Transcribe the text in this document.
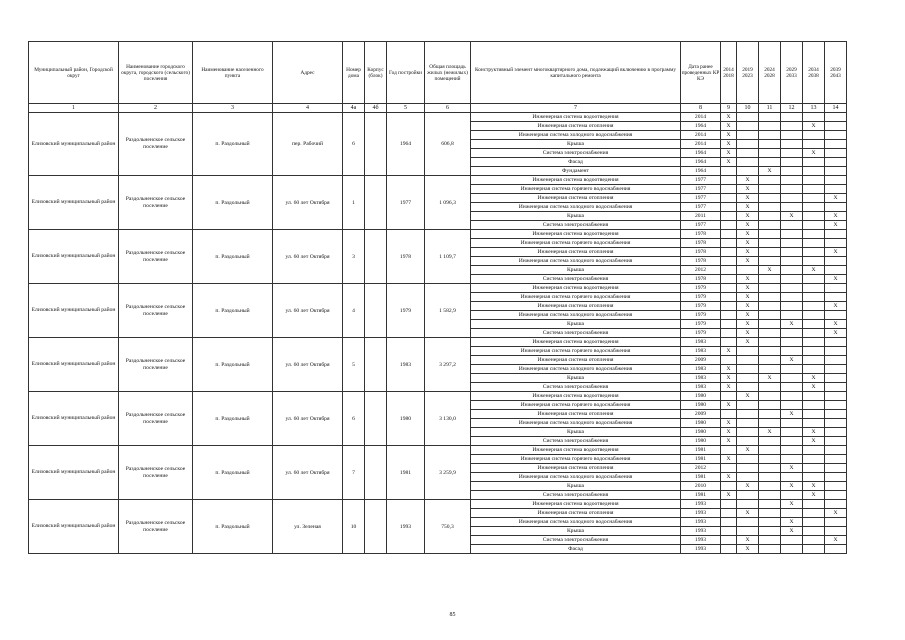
Муниципальный район, Городской округ	Наименование городского округа, городского (сельского) поселения	Наименование населенного пункта	Адрес	Номер дома	Корпус (блок)	Год постройки	Общая площадь жилых (нежилых) помещений	Конструктивный элемент многоквартирного дома, подлежащий включению в программу капитального ремонта	Дата ранее проведенных КР КЭ	2014 2018	2019 2023	2024 2028	2029 2033	2034 2038	2039 2043
1	2	3	4	4а	4б	5	6	7	8	9	10	11	12	13	14
Елизовский муниципальный район	Раздольненское сельское поселение	п. Раздольный	пер. Рабочий	6		1964	606,8	Инженерная система водоотведения	2014	X					
								Инженерная система отопления	1964	X				X	
								Инженерная система холодного водоснабжения	2014	X					
								Крыша	2014	X					
								Система электроснабжения	1964	X				X	
								Фасад	1964	X					
								Фундамент	1964			X			
Елизовский муниципальный район	Раздольненское сельское поселение	п. Раздольный	ул. 60 лет Октября	1		1977	1 096,3	Инженерная система водоотведения	1977		X				
								Инженерная система горячего водоснабжения	1977		X				
								Инженерная система отопления	1977		X				X
								Инженерная система холодного водоснабжения	1977		X				
								Крыша	2011		X		X		X
								Система электроснабжения	1977		X				X
Елизовский муниципальный район	Раздольненское сельское поселение	п. Раздольный	ул. 60 лет Октября	3		1978	1 109,7	Инженерная система водоотведения	1978		X				
								Инженерная система горячего водоснабжения	1978		X				
								Инженерная система отопления	1978		X				X
								Инженерная система холодного водоснабжения	1978		X				
								Крыша	2012			X		X	
								Система электроснабжения	1978		X				X
Елизовский муниципальный район	Раздольненское сельское поселение	п. Раздольный	ул. 60 лет Октября	4		1979	1 582,9	Инженерная система водоотведения	1979		X				
								Инженерная система горячего водоснабжения	1979		X				
								Инженерная система отопления	1979		X				X
								Инженерная система холодного водоснабжения	1979		X				
								Крыша	1979		X		X		X
								Система электроснабжения	1979		X				X
Елизовский муниципальный район	Раздольненское сельское поселение	п. Раздольный	ул. 60 лет Октября	5		1983	3 297,2	Инженерная система водоотведения	1983		X				
								Инженерная система горячего водоснабжения	1983	X					
								Инженерная система отопления	2009				X		
								Инженерная система холодного водоснабжения	1983	X					
								Крыша	1983	X		X		X	
								Система электроснабжения	1983	X				X	
Елизовский муниципальный район	Раздольненское сельское поселение	п. Раздольный	ул. 60 лет Октября	6		1980	3 130,0	Инженерная система водоотведения	1980		X				
								Инженерная система горячего водоснабжения	1980	X					
								Инженерная система отопления	2009				X		
								Инженерная система холодного водоснабжения	1980	X					
								Крыша	1980	X		X		X	
								Система электроснабжения	1980	X				X	
Елизовский муниципальный район	Раздольненское сельское поселение	п. Раздольный	ул. 60 лет Октября	7		1981	3 259,9	Инженерная система водоотведения	1981		X				
								Инженерная система горячего водоснабжения	1981	X					
								Инженерная система отопления	2012				X		
								Инженерная система холодного водоснабжения	1981	X					
								Крыша	2010		X		X	X	
								Система электроснабжения	1981	X				X	
Елизовский муниципальный район	Раздольненское сельское поселение	п. Раздольный	ул. Зеленая	10		1993	750,3	Инженерная система водоотведения	1993				X		
								Инженерная система отопления	1993		X				X
								Инженерная система холодного водоснабжения	1993				X		
								Крыша	1993				X		
								Система электроснабжения	1993		X				X
								Фасад	1993		X				
85
